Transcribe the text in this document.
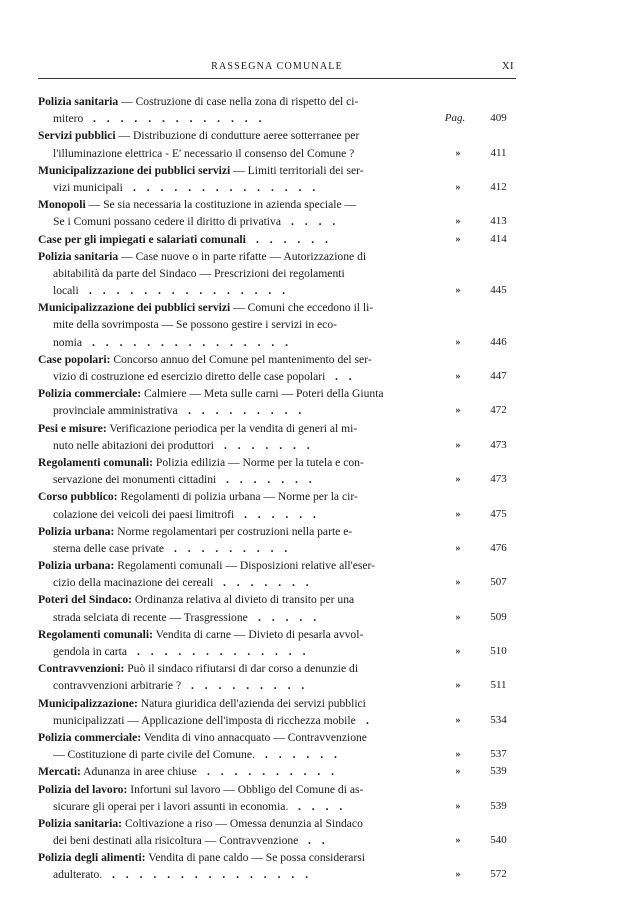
RASSEGNA COMUNALE	XI
Polizia sanitaria — Costruzione di case nella zona di rispetto del ci-
mitero . . . . . . . . . . . . .	Pag.	409
Servizi pubblici — Distribuzione di condutture aeree sotterranee per
l'illuminazione elettrica - E' necessario il consenso del Comune ?	»	411
Municipalizzazione dei pubblici servizi — Limiti territoriali dei ser-
vizi municipali . . . . . . . . . . . . . .	»	412
Monopoli — Se sia necessaria la costituzione in azienda speciale —
Se i Comuni possano cedere il diritto di privativa . . . .	»	413
Case per gli impiegati e salariati comunali . . . . . .	»	414
Polizia sanitaria — Case nuove o in parte rifatte — Autorizzazione di
abitabilità da parte del Sindaco — Prescrizioni dei regolamenti
locali . . . . . . . . . . . . . . .	»	445
Municipalizzazione dei pubblici servizi — Comuni che eccedono il li-
mite della sovrimposta — Se possono gestire i servizi in eco-
nomia . . . . . . . . . . . . . . .	»	446
Case popolari: Concorso annuo del Comune pel mantenimento del ser-
vizio di costruzione ed esercizio diretto delle case popolari . .	»	447
Polizia commerciale: Calmiere — Meta sulle carni — Poteri della Giunta
provinciale amministrativa . . . . . . . . .	»	472
Pesi e misure: Verificazione periodica per la vendita di generi al mi-
nuto nelle abitazioni dei produttori . . . . . . .	»	473
Regolamenti comunali: Polizia edilizia — Norme per la tutela e con-
servazione dei monumenti cittadini . . . . . . .	»	473
Corso pubblico: Regolamenti di polizia urbana — Norme per la cir-
colazione dei veicoli dei paesi limitrofi . . . . . .	»	475
Polizia urbana: Norme regolamentari per costruzioni nella parte e-
sterna delle case private . . . . . . . . .	»	476
Polizia urbana: Regolamenti comunali — Disposizioni relative all'eser-
cizio della macinazione dei cereali . . . . . . .	»	507
Poteri del Sindaco: Ordinanza relativa al divieto di transito per una
strada selciata di recente — Trasgressione . . . . .	»	509
Regolamenti comunali: Vendita di carne — Divieto di pesarla avvol-
gendola in carta . . . . . . . . . . . . .	»	510
Contravvenzioni: Può il sindaco rifiutarsi di dar corso a denunzie di
contravvenzioni arbitrarie ? . . . . . . . . .	»	511
Municipalizzazione: Natura giuridica dell'azienda dei servizi pubblici
municipalizzati — Applicazione dell'imposta di ricchezza mobile .	»	534
Polizia commerciale: Vendita di vino annacquato — Contravvenzione
— Costituzione di parte civile del Comune. . . . . . .	»	537
Mercati: Adunanza in aree chiuse . . . . . . . . . .	»	539
Polizia del lavoro: Infortuni sul lavoro — Obbligo del Comune di as-
sicurare gli operai per i lavori assunti in economia. . . . .	»	539
Polizia sanitaria: Coltivazione a riso — Omessa denunzia al Sindaco
dei beni destinati alla risicoltura — Contravvenzione . .	»	540
Polizia degli alimenti: Vendita di pane caldo — Se possa considerarsi
adulterato. . . . . . . . . . . . . . . .	»	572
